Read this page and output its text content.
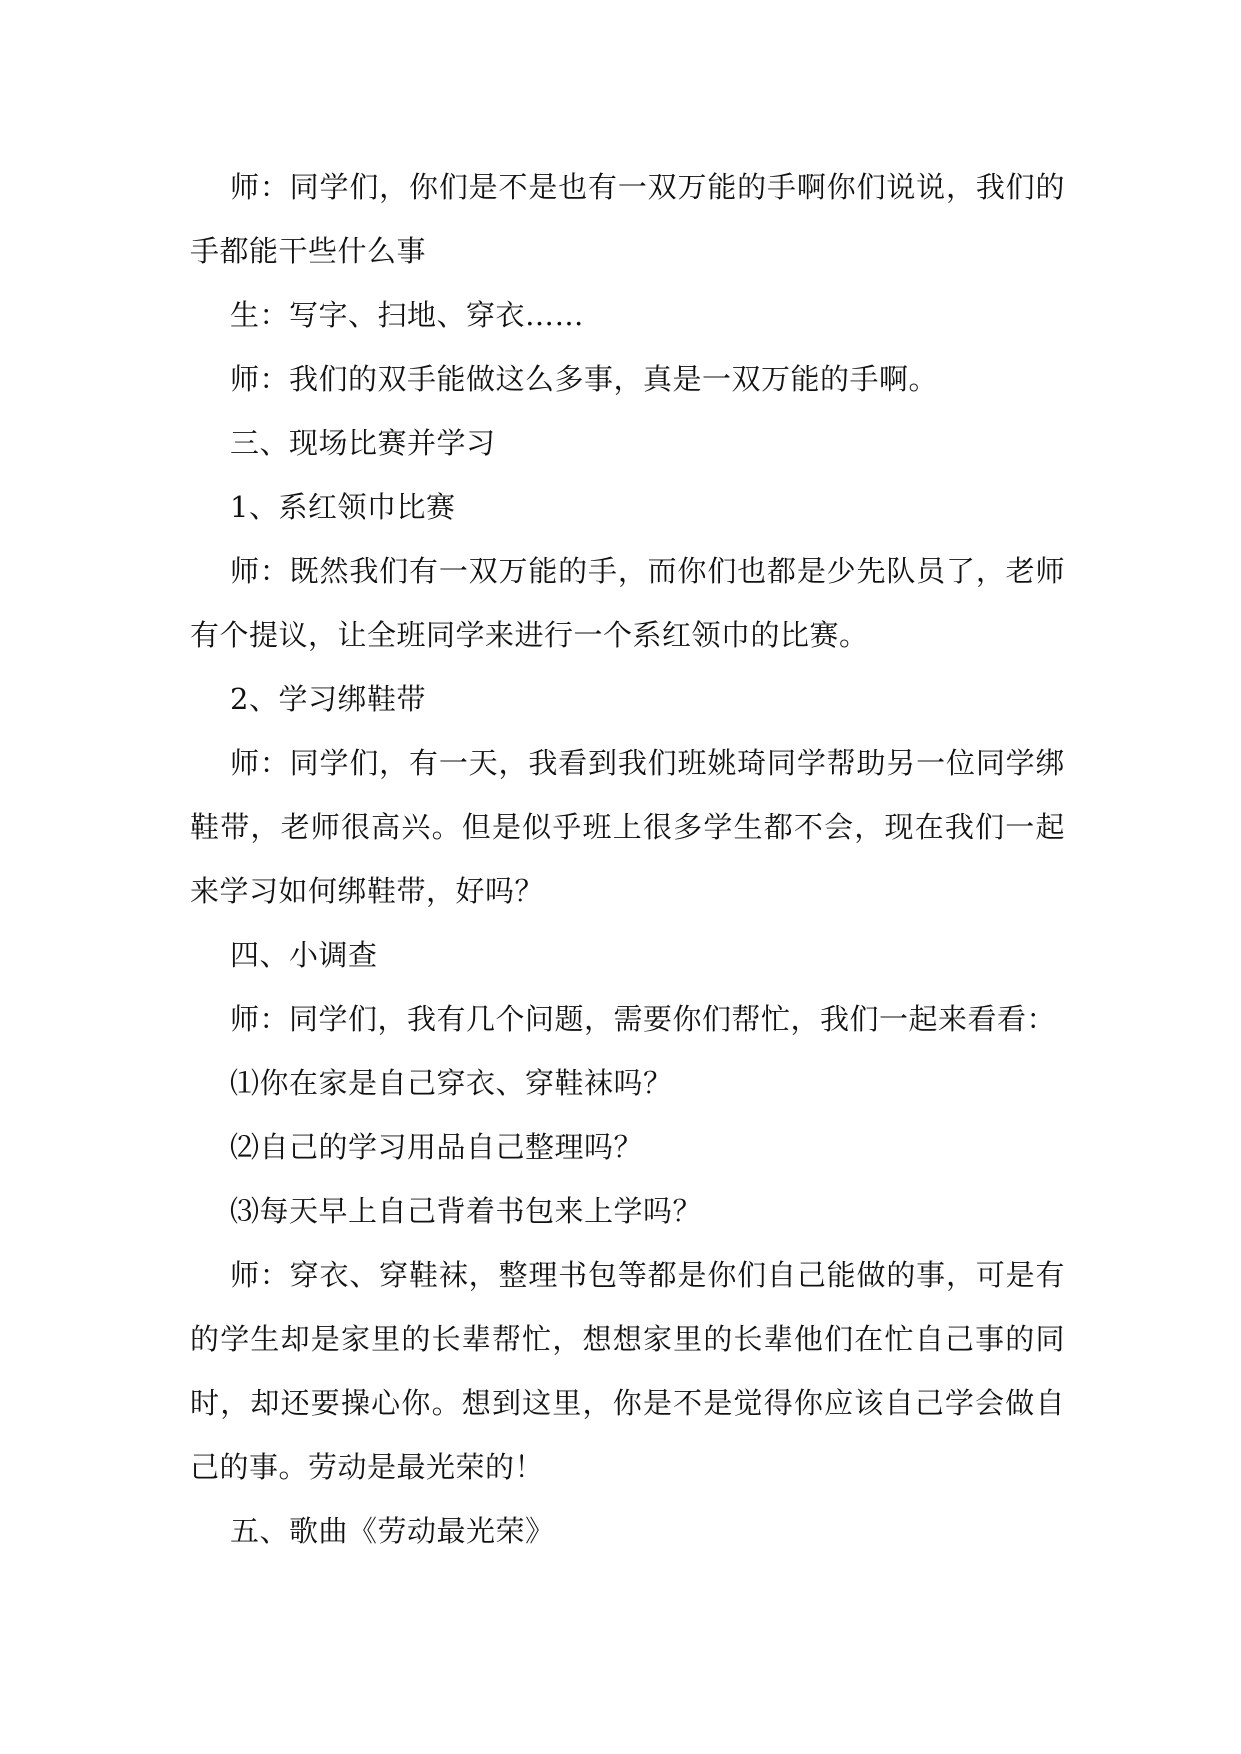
师：同学们，你们是不是也有一双万能的手啊你们说说，我们的手都能干些什么事

生：写字、扫地、穿衣……

师：我们的双手能做这么多事，真是一双万能的手啊。

三、现场比赛并学习

1、系红领巾比赛

师：既然我们有一双万能的手，而你们也都是少先队员了，老师有个提议，让全班同学来进行一个系红领巾的比赛。

2、学习绑鞋带

师：同学们，有一天，我看到我们班姚琦同学帮助另一位同学绑鞋带，老师很高兴。但是似乎班上很多学生都不会，现在我们一起来学习如何绑鞋带，好吗？

四、小调查

师：同学们，我有几个问题，需要你们帮忙，我们一起来看看：

⑴你在家是自己穿衣、穿鞋袜吗？

⑵自己的学习用品自己整理吗？

⑶每天早上自己背着书包来上学吗？

师：穿衣、穿鞋袜，整理书包等都是你们自己能做的事，可是有的学生却是家里的长辈帮忙，想想家里的长辈他们在忙自己事的同时，却还要操心你。想到这里，你是不是觉得你应该自己学会做自己的事。劳动是最光荣的！

五、歌曲《劳动最光荣》
